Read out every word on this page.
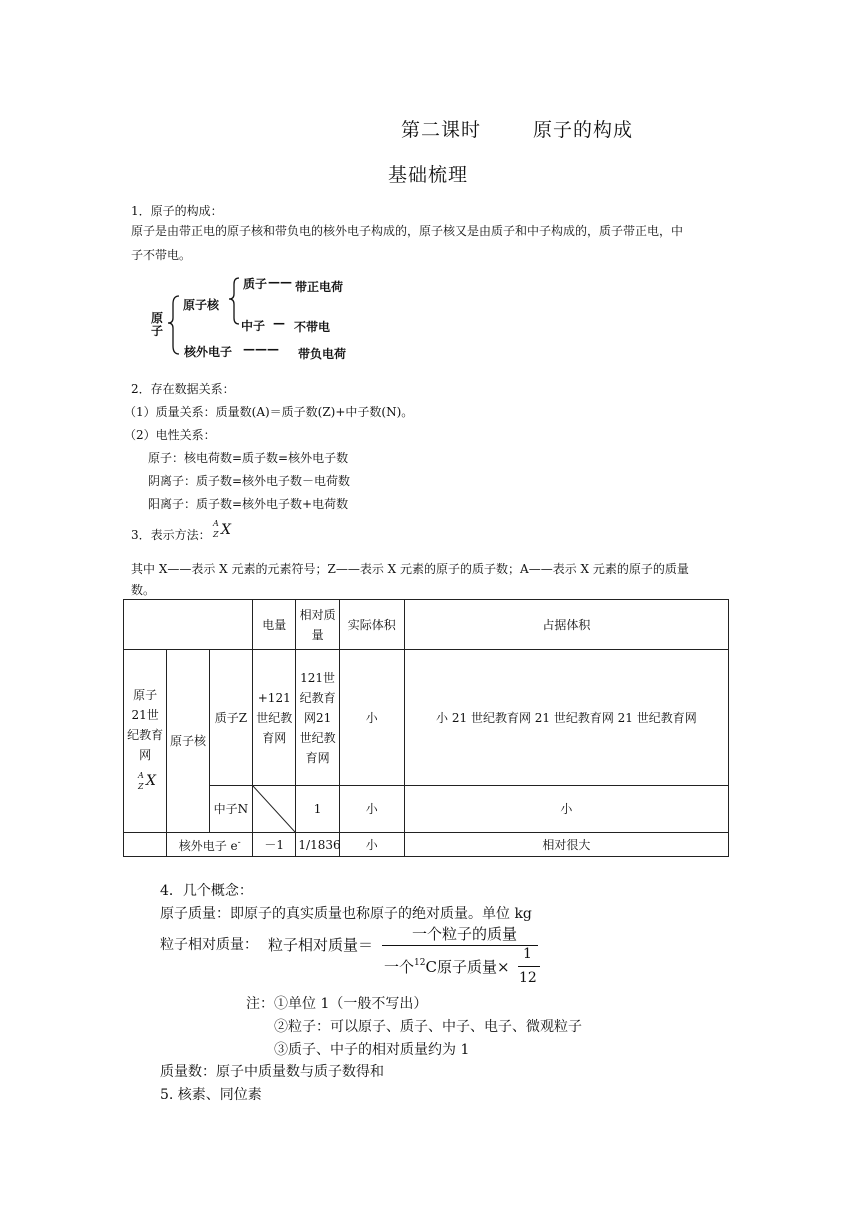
第二课时	原子的构成
基础梳理
1．原子的构成：
原子是由带正电的原子核和带负电的核外电子构成的，原子核又是由质子和中子构成的，质子带正电，中
子不带电。
原
子
原子核
质子 —— 带正电荷
中子 — 不带电
核外电子 ——— 带负电荷
2．存在数据关系：
（1）质量关系：质量数(A)＝质子数(Z)+中子数(N)。
（2）电性关系：
原子：核电荷数=质子数=核外电子数
阴离子：质子数=核外电子数－电荷数
阳离子：质子数=核外电子数+电荷数
3．表示方法：
A
Z X
其中 X——表示 X 元素的元素符号；Z——表示 X 元素的原子的质子数；A——表示 X 元素的原子的质量
数。
			电量	相对质量	实际体积	占据体积

原子21世纪教育网
A
Z X	原子核	质子Z	+121世纪教育网	121世纪教育网21世纪教育网	小	小 21 世纪教育网 21 世纪教育网 21 世纪教育网
		中子N		1	小	小
	核外电子 e-		－1	1/1836	小	相对很大
4．几个概念：
原子质量：即原子的真实质量也称原子的绝对质量。单位 kg
粒子相对质量： 粒子相对质量＝
一个粒子的质量
一个$^{12}$C原子质量×
1
12
注：①单位 1（一般不写出）
②粒子：可以原子、质子、中子、电子、微观粒子
③质子、中子的相对质量约为 1
质量数：原子中质量数与质子数得和
5. 核素、同位素
